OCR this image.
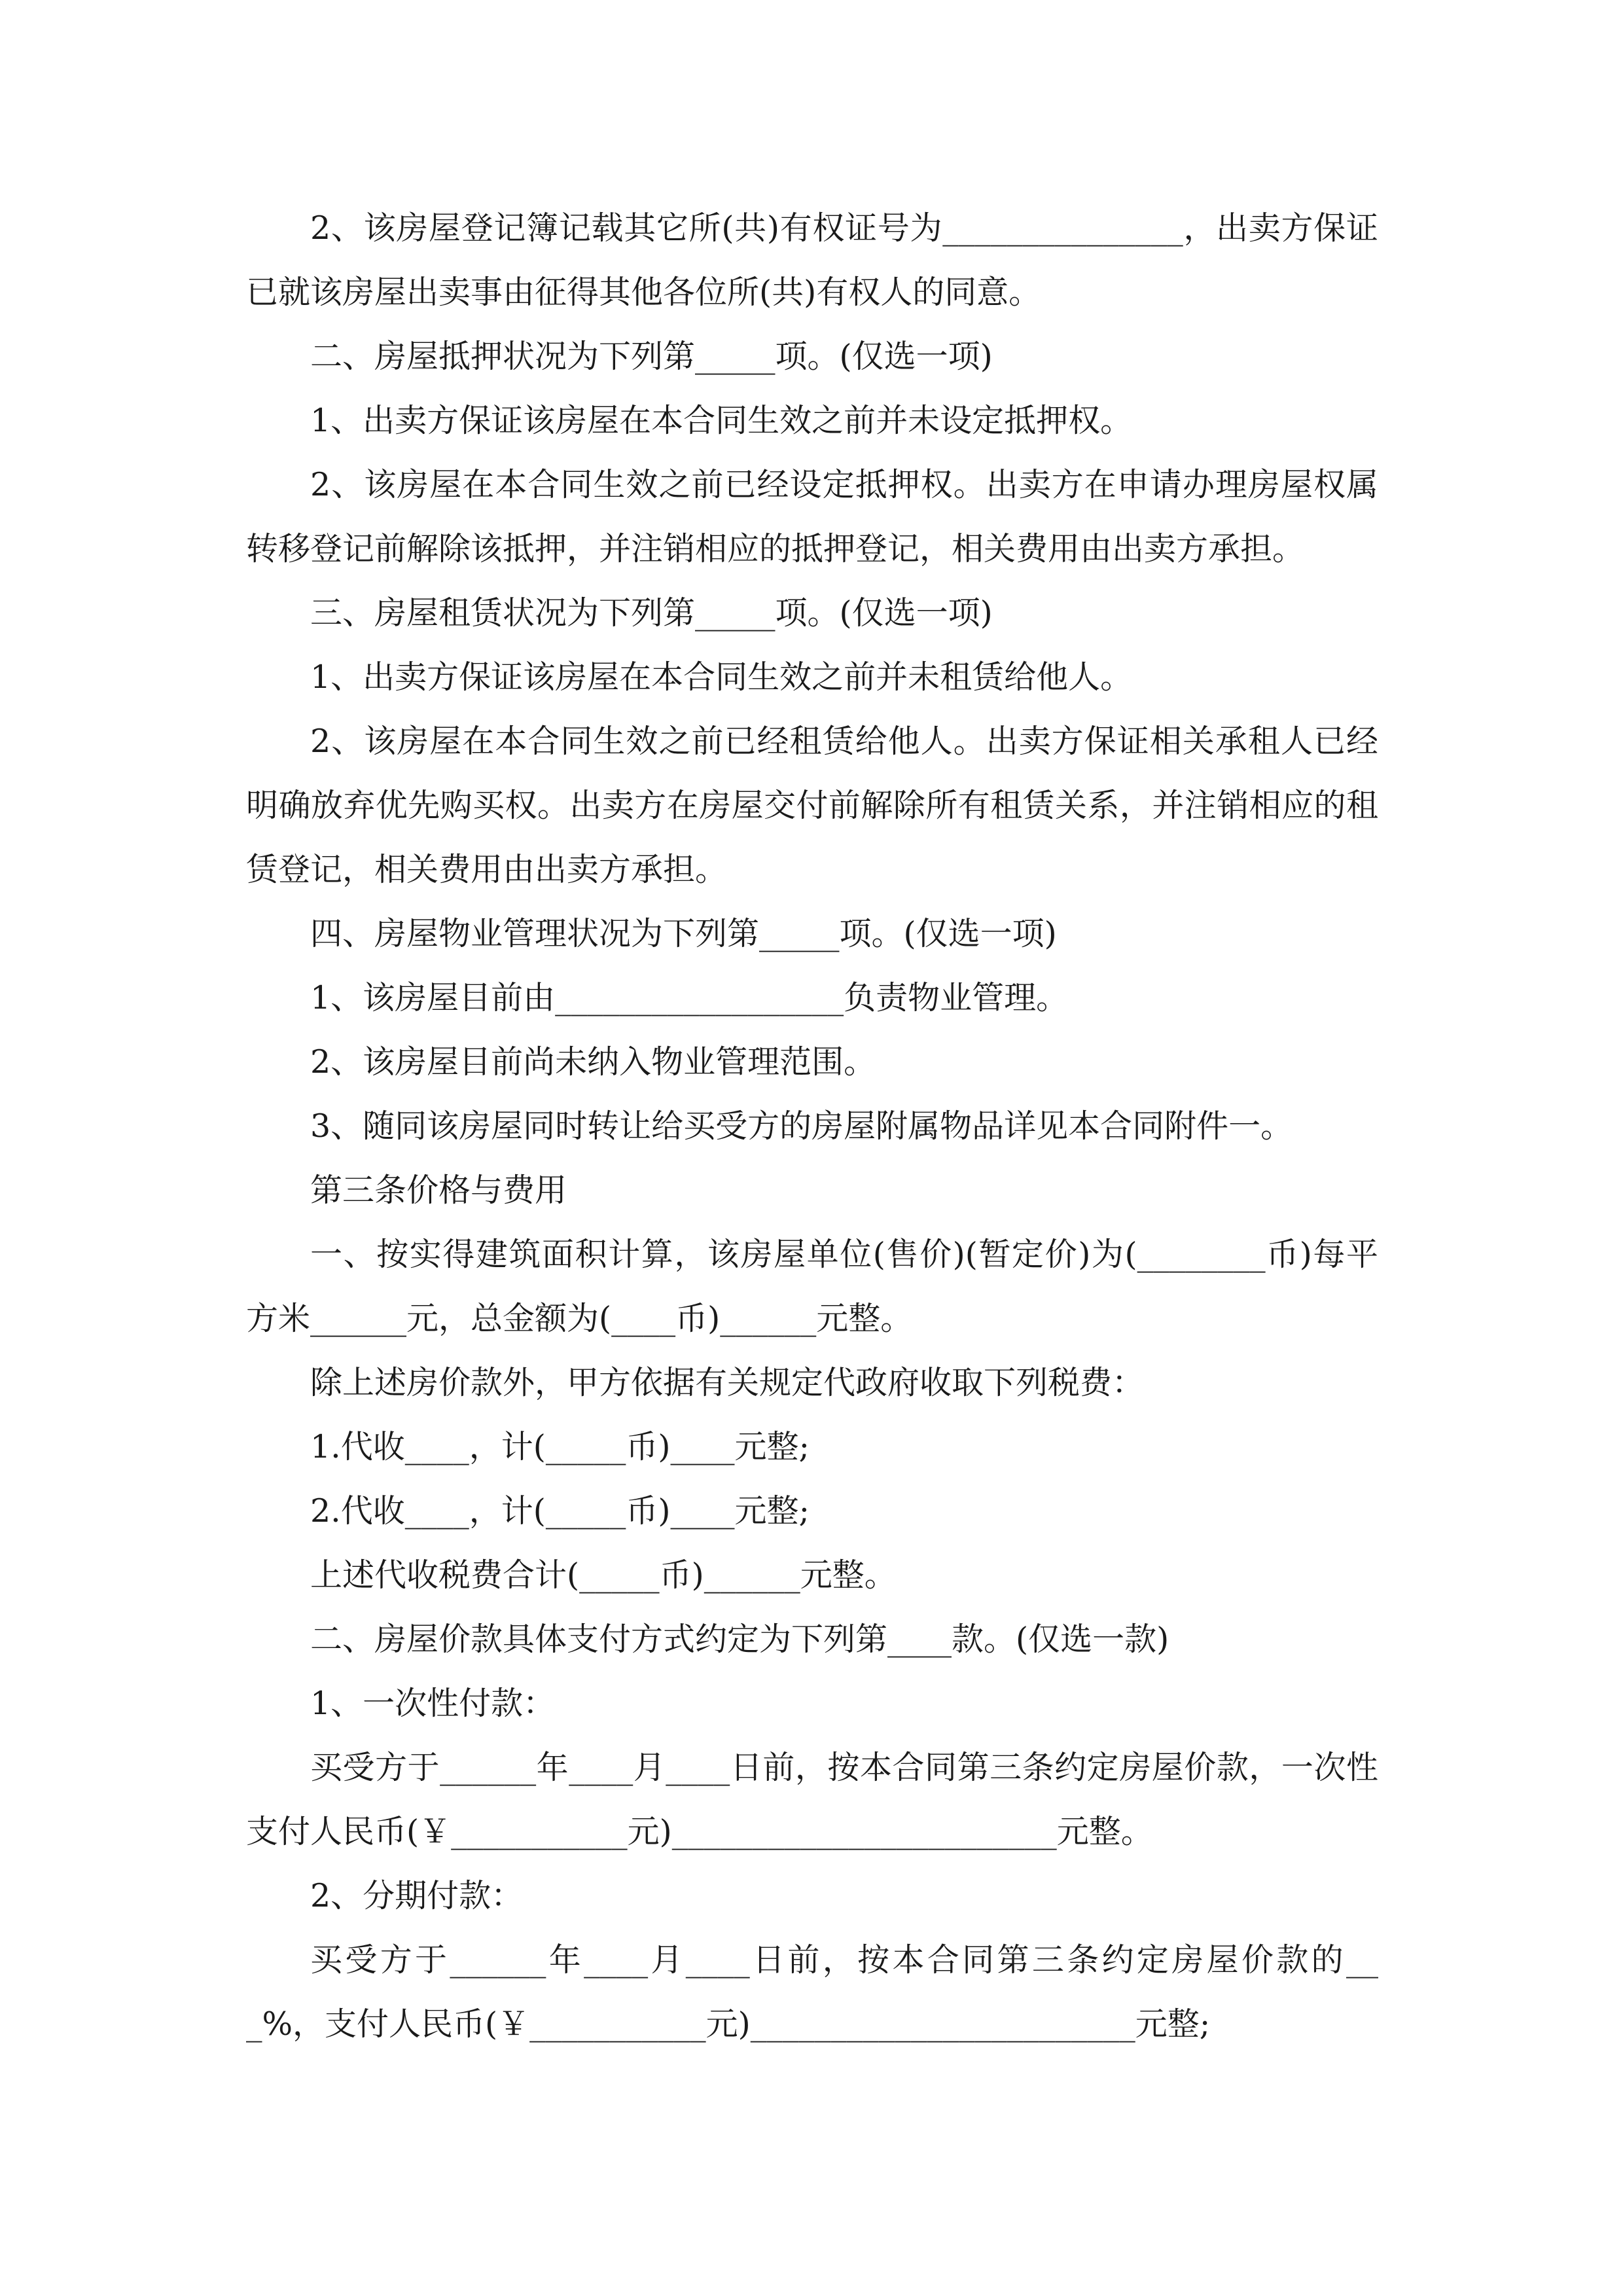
2、该房屋登记簿记载其它所(共)有权证号为_______________，出卖方保证已就该房屋出卖事由征得其他各位所(共)有权人的同意。

二、房屋抵押状况为下列第_____项。(仅选一项)

1、出卖方保证该房屋在本合同生效之前并未设定抵押权。

2、该房屋在本合同生效之前已经设定抵押权。出卖方在申请办理房屋权属转移登记前解除该抵押，并注销相应的抵押登记，相关费用由出卖方承担。

三、房屋租赁状况为下列第_____项。(仅选一项)

1、出卖方保证该房屋在本合同生效之前并未租赁给他人。

2、该房屋在本合同生效之前已经租赁给他人。出卖方保证相关承租人已经明确放弃优先购买权。出卖方在房屋交付前解除所有租赁关系，并注销相应的租赁登记，相关费用由出卖方承担。

四、房屋物业管理状况为下列第_____项。(仅选一项)

1、该房屋目前由__________________负责物业管理。

2、该房屋目前尚未纳入物业管理范围。

3、随同该房屋同时转让给买受方的房屋附属物品详见本合同附件一。

第三条价格与费用

一、按实得建筑面积计算，该房屋单位(售价)(暂定价)为(________币)每平方米______元，总金额为(____币)______元整。

除上述房价款外，甲方依据有关规定代政府收取下列税费：

1.代收____，计(_____币)____元整;

2.代收____，计(_____币)____元整;

上述代收税费合计(_____币)______元整。

二、房屋价款具体支付方式约定为下列第____款。(仅选一款)

1、一次性付款：

买受方于______年____月____日前，按本合同第三条约定房屋价款，一次性支付人民币(￥___________元)________________________元整。

2、分期付款：

买受方于______年____月____日前，按本合同第三条约定房屋价款的___%，支付人民币(￥___________元)________________________元整;
